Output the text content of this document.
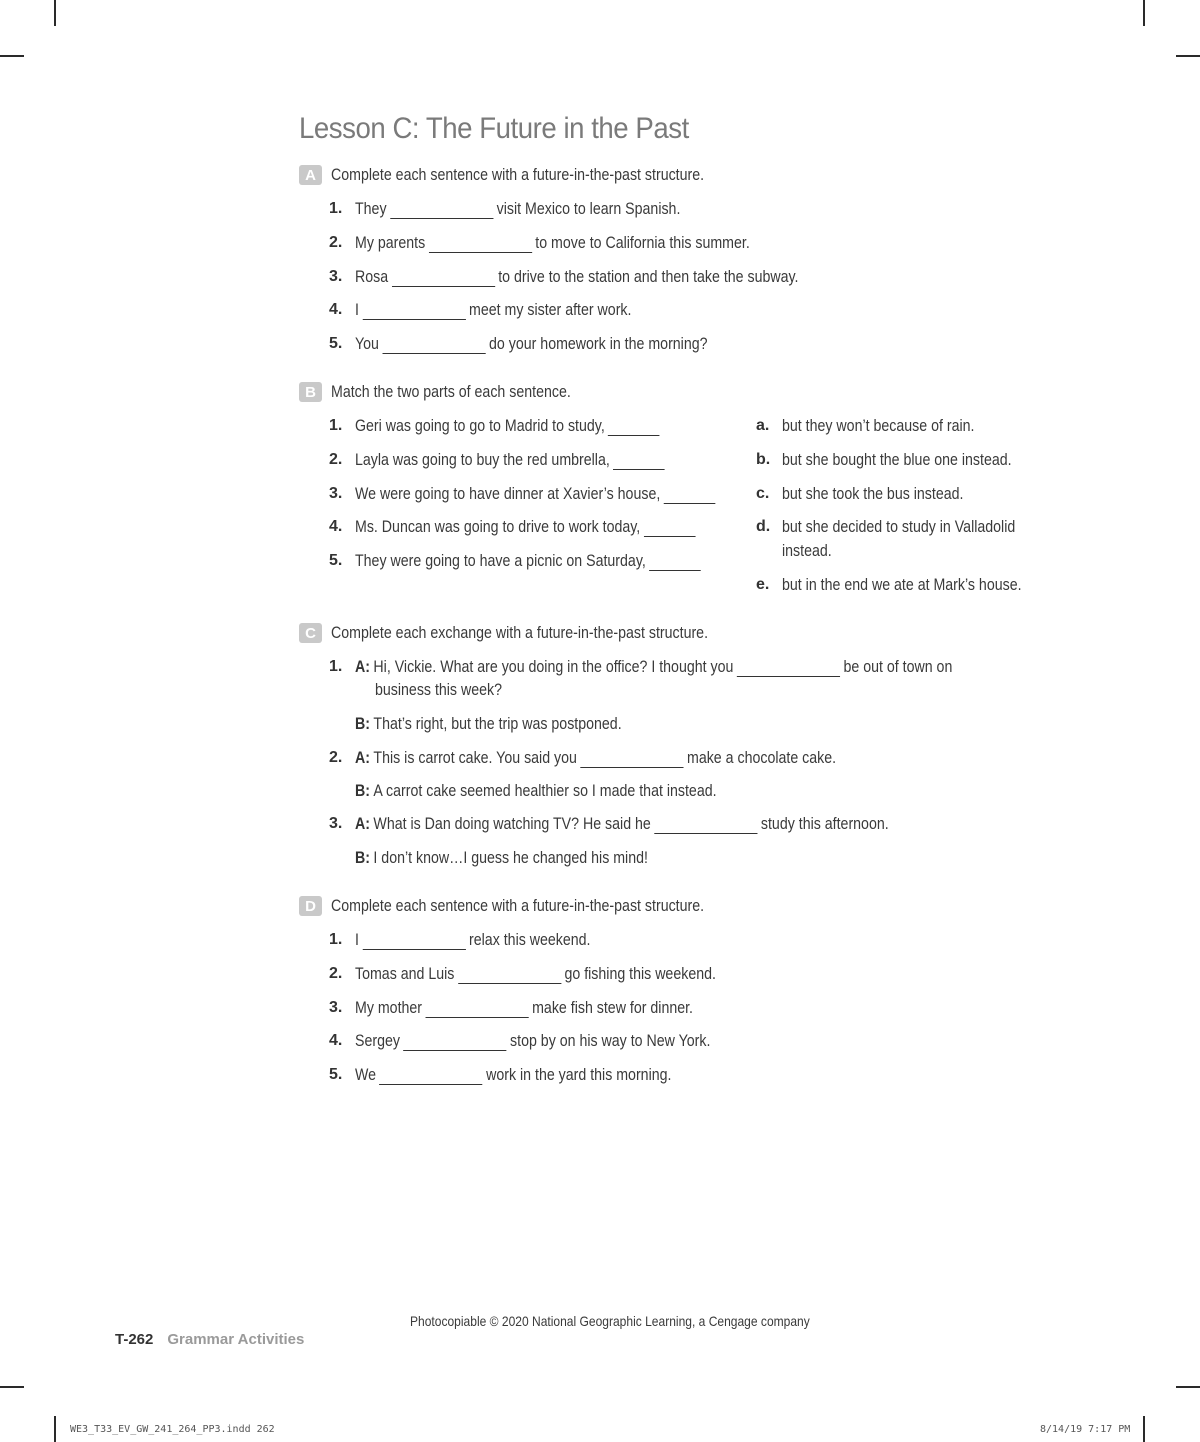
Lesson C: The Future in the Past
A Complete each sentence with a future-in-the-past structure.
1. They	visit Mexico to learn Spanish.
2. My parents	to move to California this summer.
3. Rosa	to drive to the station and then take the subway.
4. I	meet my sister after work.
5. You	do your homework in the morning?
B Match the two parts of each sentence.
1. Geri was going to go to Madrid to study,
2. Layla was going to buy the red umbrella,
3. We were going to have dinner at Xavier’s house,
4. Ms. Duncan was going to drive to work today,
5. They were going to have a picnic on Saturday,
a. but they won’t because of rain.
b. but she bought the blue one instead.
c. but she took the bus instead.
d. but she decided to study in Valladolid
instead.
e. but in the end we ate at Mark’s house.
C Complete each exchange with a future-in-the-past structure.
1. A: Hi, Vickie. What are you doing in the office? I thought you	be out of town on
business this week?
B: That’s right, but the trip was postponed.
2. A: This is carrot cake. You said you	make a chocolate cake.
B: A carrot cake seemed healthier so I made that instead.
3. A: What is Dan doing watching TV? He said he	study this afternoon.
B: I don’t know…I guess he changed his mind!
D Complete each sentence with a future-in-the-past structure.
1. I	relax this weekend.
2. Tomas and Luis	go fishing this weekend.
3. My mother	make fish stew for dinner.
4. Sergey	stop by on his way to New York.
5. We	work in the yard this morning.
Photocopiable © 2020 National Geographic Learning, a Cengage company
T-262 Grammar Activities
WE3_T33_EV_GW_241_264_PP3.indd 262	8/14/19 7:17 PM
